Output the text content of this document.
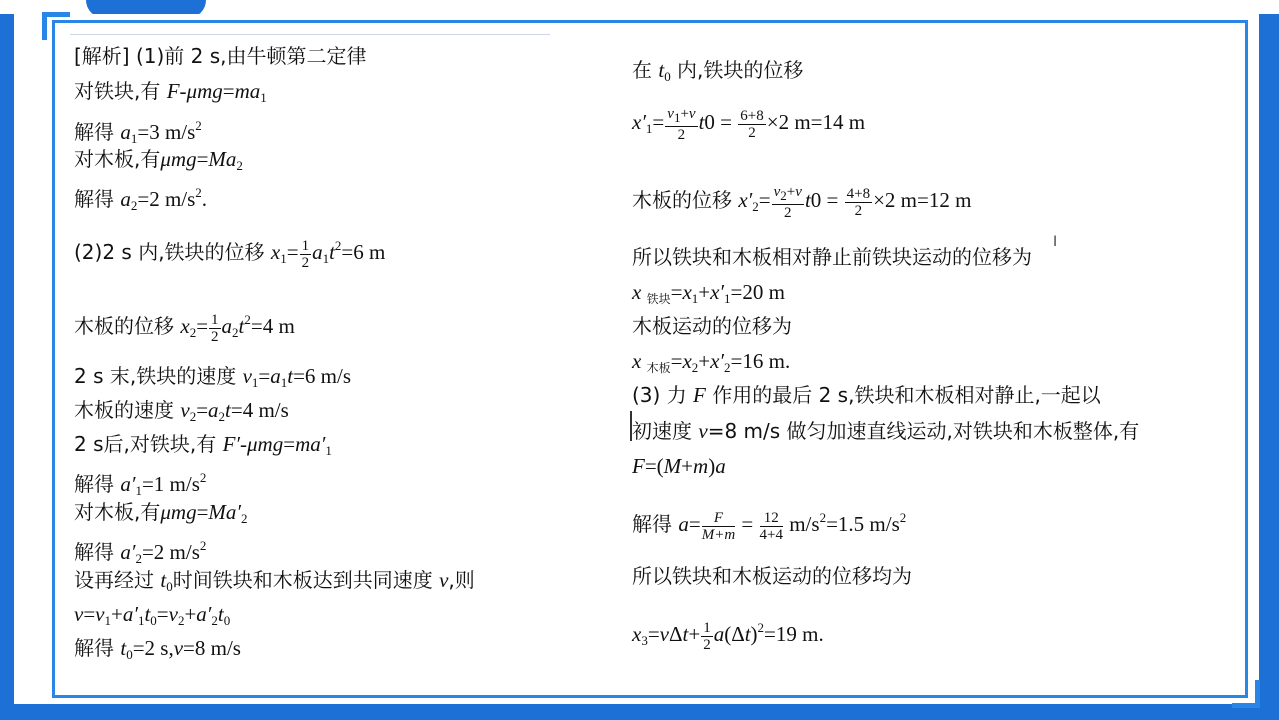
[解析] (1)前 2 s,由牛顿第二定律
对铁块,有 $F-\mu mg=ma_1$
解得 $a_1=3$ $m/s^2$
对木板,有$\mu mg=Ma_2$
解得 $a_2=2$ $m/s^2$.
(2)2 s 内,铁块的位移 $x_1= \frac{1}{2} a_1t^2=6$ m
木板的位移 $x_2= \frac{1}{2} a_2t^2=4$ m
2 s 末,铁块的速度 $v_1=a_1t=6$ m/s
木板的速度 $v_2=a_2t=4$ m/s
2 s后,对铁块,有 $F'-\mu mg=ma'_1$
解得 $a'_1=1$ $m/s^2$
对木板,有$\mu mg=Ma'_2$
解得 $a'_2=2$ $m/s^2$
设再经过 $t_0$时间铁块和木板达到共同速度 v,则
$v=v_1+a'_1t_0=v_2+a'_2t_0$
解得 $t_0=2$ s,v=8 m/s
在 $t_0$ 内,铁块的位移
$x'_1= \frac{v1+v}{2} t0 = \frac{6+8}{2} \times 2$ m=14 m
木板的位移 $x'_2= \frac{v2+v}{2} t0 = \frac{4+8}{2} \times 2$ m=12 m
所以铁块和木板相对静止前铁块运动的位移为
x $_{铁块}=x_1+x'_1=20$ m
木板运动的位移为
x $_{木板}=x_2+x'_2=16$ m.
(3) 力 F 作用的最后 2 s,铁块和木板相对静止,一起以
初速度 v=8 m/s 做匀加速直线运动,对铁块和木板整体,有
F=(M+m)a
解得 $a= \frac{F}{M+m} = \frac{12}{4+4} m/s^2=1.5$ $m/s^2$
所以铁块和木板运动的位移均为
$x_3=v\Delta t+ \frac{1}{2} a(\Delta t)^2=19$ m.
I
